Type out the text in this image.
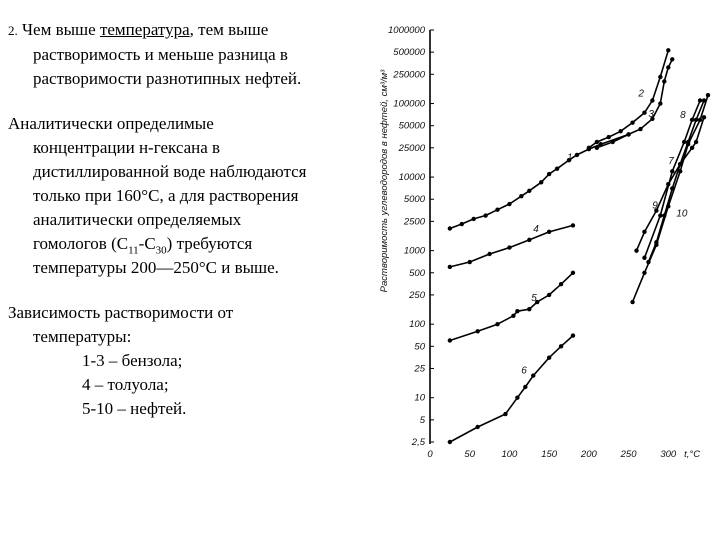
2. Чем выше температура, тем выше
растворимость и меньше разница в
растворимости разнотипных нефтей.
Аналитически определимые
концентрации н-гексана в
дистиллированной воде наблюдаются
только при 160°С, а для растворения
аналитически определяемых
гомологов $(С_{11}-С_{30})$ требуются
температуры 200—250°С и выше.
Зависимость растворимости от
температуры:
1-3 – бензола;
4 – толуола;
5-10 – нефтей.
1000000
500000
250000
100000
50000
25000
10000
5000
2500
1000
500
250
100
50
25
10
5
2,5
0	50	100	150	200	250	300
1
2
3
4
5
6
7
8
9
10
Растворимость углеводородов в нефтей, см³/м³
t,°C
